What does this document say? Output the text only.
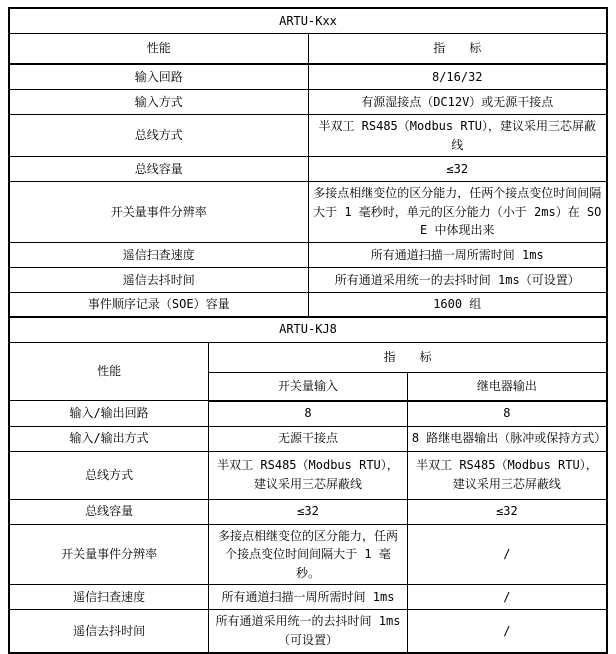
ARTU-Kxx	
性能	指　　标
输入回路	8/16/32
输入方式	有源湿接点（DC12V）或无源干接点
总线方式	半双工 RS485（Modbus RTU），建议采用三芯屏蔽线
总线容量	≤32
开关量事件分辨率	多接点相继变位的区分能力，任两个接点变位时间间隔大于 1 毫秒时，单元的区分能力（小于 2ms）在 SOE 中体现出来
遥信扫查速度	所有通道扫描一周所需时间 1ms
遥信去抖时间	所有通道采用统一的去抖时间 1ms（可设置）
事件顺序记录（SOE）容量	1600 组
ARTU-KJ8		
性能	指　　标	
	开关量输入	继电器输出
输入/输出回路	8	8
输入/输出方式	无源干接点	8 路继电器输出（脉冲或保持方式）
总线方式	半双工 RS485（Modbus RTU），建议采用三芯屏蔽线	半双工 RS485（Modbus RTU），建议采用三芯屏蔽线
总线容量	≤32	≤32
开关量事件分辨率	多接点相继变位的区分能力，任两个接点变位时间间隔大于 1 毫秒。	/
遥信扫查速度	所有通道扫描一周所需时间 1ms	/
遥信去抖时间	所有通道采用统一的去抖时间 1ms（可设置）	/
